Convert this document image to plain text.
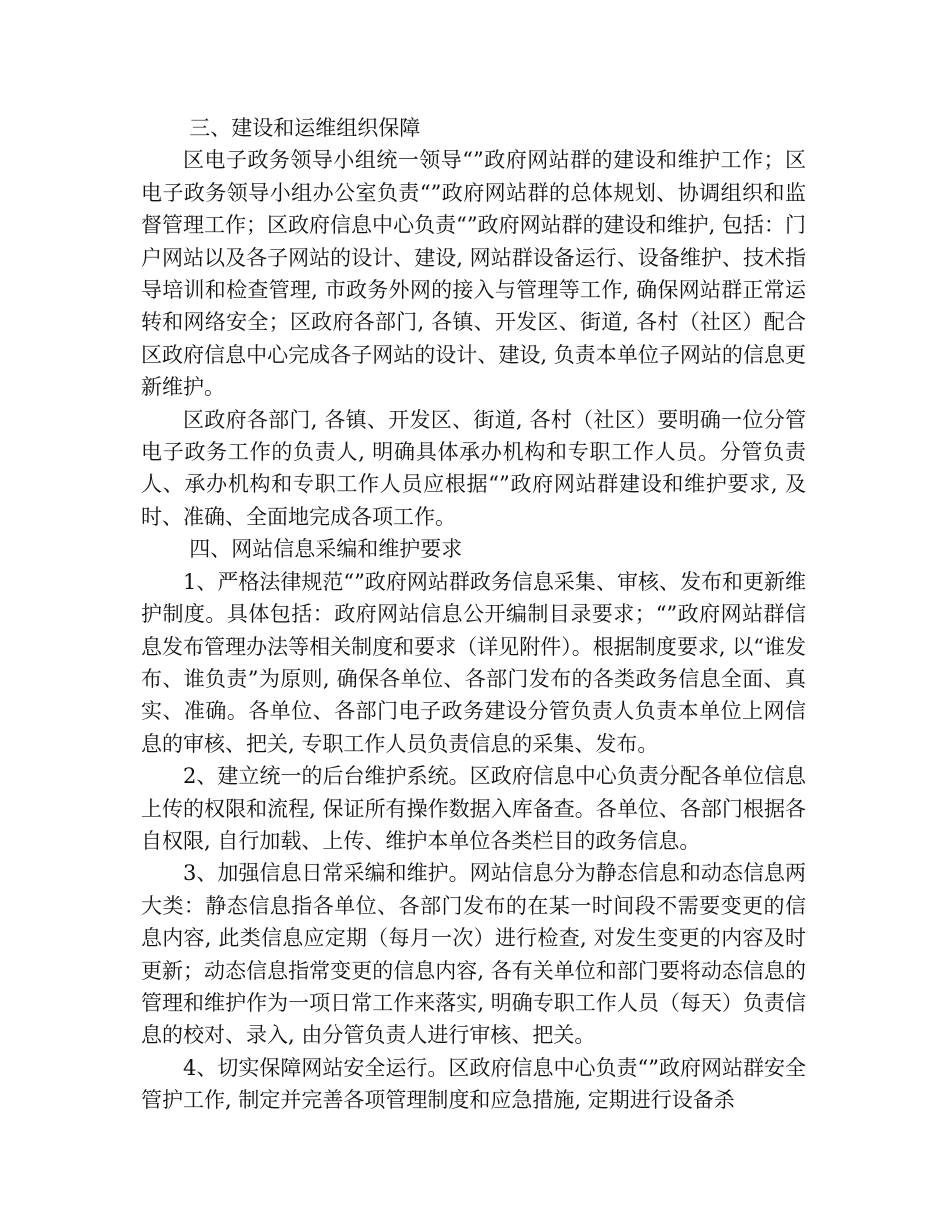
三、建设和运维组织保障

区电子政务领导小组统一领导“”政府网站群的建设和维护工作；区电子政务领导小组办公室负责“”政府网站群的总体规划、协调组织和监督管理工作；区政府信息中心负责“”政府网站群的建设和维护, 包括：门户网站以及各子网站的设计、建设, 网站群设备运行、设备维护、技术指导培训和检查管理, 市政务外网的接入与管理等工作, 确保网站群正常运转和网络安全；区政府各部门, 各镇、开发区、街道, 各村（社区）配合区政府信息中心完成各子网站的设计、建设, 负责本单位子网站的信息更新维护。

区政府各部门, 各镇、开发区、街道, 各村（社区）要明确一位分管电子政务工作的负责人, 明确具体承办机构和专职工作人员。分管负责人、承办机构和专职工作人员应根据“”政府网站群建设和维护要求, 及时、准确、全面地完成各项工作。

四、网站信息采编和维护要求

1、严格法律规范“”政府网站群政务信息采集、审核、发布和更新维护制度。具体包括：政府网站信息公开编制目录要求；“”政府网站群信息发布管理办法等相关制度和要求（详见附件）。根据制度要求, 以“谁发布、谁负责”为原则, 确保各单位、各部门发布的各类政务信息全面、真实、准确。各单位、各部门电子政务建设分管负责人负责本单位上网信息的审核、把关, 专职工作人员负责信息的采集、发布。

2、建立统一的后台维护系统。区政府信息中心负责分配各单位信息上传的权限和流程, 保证所有操作数据入库备查。各单位、各部门根据各自权限, 自行加载、上传、维护本单位各类栏目的政务信息。

3、加强信息日常采编和维护。网站信息分为静态信息和动态信息两大类：静态信息指各单位、各部门发布的在某一时间段不需要变更的信息内容, 此类信息应定期（每月一次）进行检查, 对发生变更的内容及时更新；动态信息指常变更的信息内容, 各有关单位和部门要将动态信息的管理和维护作为一项日常工作来落实, 明确专职工作人员（每天）负责信息的校对、录入, 由分管负责人进行审核、把关。

4、切实保障网站安全运行。区政府信息中心负责“”政府网站群安全管护工作, 制定并完善各项管理制度和应急措施, 定期进行设备杀
